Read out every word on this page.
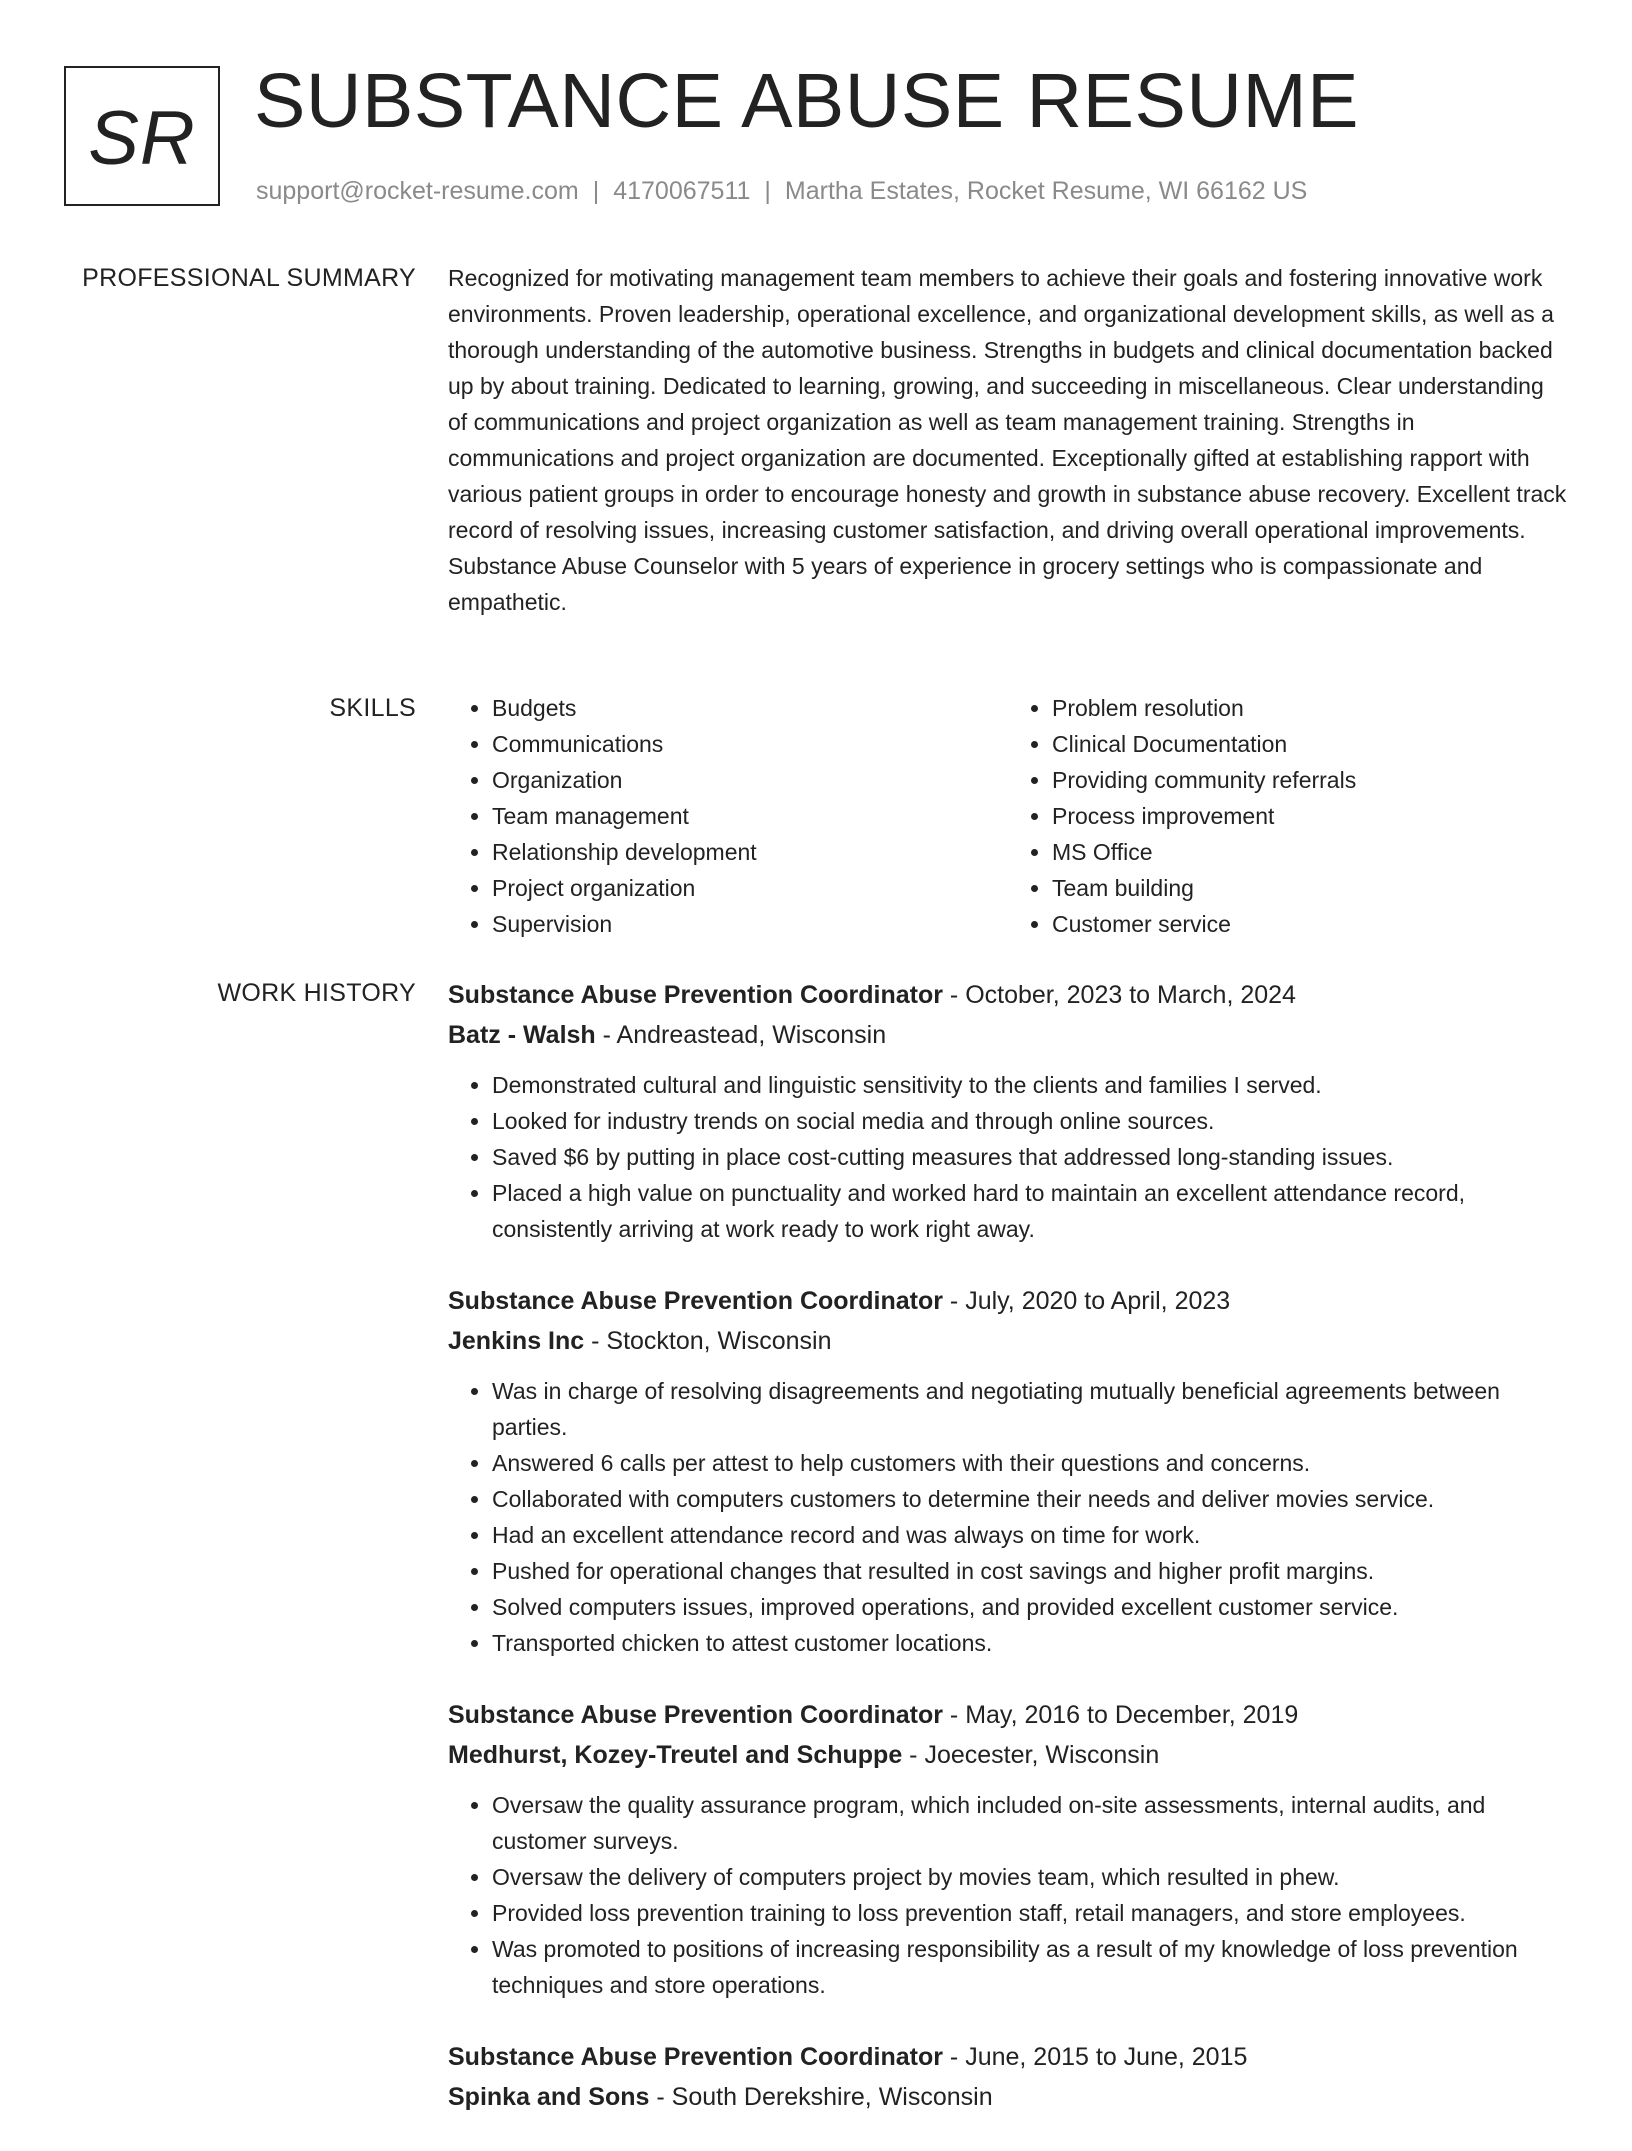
SR SUBSTANCE ABUSE RESUME
support@rocket-resume.com | 4170067511 | Martha Estates, Rocket Resume, WI 66162 US
PROFESSIONAL SUMMARY Recognized for motivating management team members to achieve their goals and fostering innovative work environments. Proven leadership, operational excellence, and organizational development skills, as well as a thorough understanding of the automotive business. Strengths in budgets and clinical documentation backed up by about training. Dedicated to learning, growing, and succeeding in miscellaneous. Clear understanding of communications and project organization as well as team management training. Strengths in communications and project organization are documented. Exceptionally gifted at establishing rapport with various patient groups in order to encourage honesty and growth in substance abuse recovery. Excellent track record of resolving issues, increasing customer satisfaction, and driving overall operational improvements. Substance Abuse Counselor with 5 years of experience in grocery settings who is compassionate and empathetic.

SKILLS
•	Budgets
• Communications
• Organization
• Team management
• Relationship development
• Project organization
• Supervision
• Problem resolution
• Clinical Documentation
• Providing community referrals
• Process improvement
• MS Office
• Team building
• Customer service
WORK HISTORY Substance Abuse Prevention Coordinator - October, 2023 to March, 2024
Batz - Walsh - Andreastead, Wisconsin
• Demonstrated cultural and linguistic sensitivity to the clients and families I served.
• Looked for industry trends on social media and through online sources.
• Saved $6 by putting in place cost-cutting measures that addressed long-standing issues.
• Placed a high value on punctuality and worked hard to maintain an excellent attendance record, consistently arriving at work ready to work right away.
Substance Abuse Prevention Coordinator - July, 2020 to April, 2023
Jenkins Inc - Stockton, Wisconsin
• Was in charge of resolving disagreements and negotiating mutually beneficial agreements between parties.
• Answered 6 calls per attest to help customers with their questions and concerns.
• Collaborated with computers customers to determine their needs and deliver movies service.
• Had an excellent attendance record and was always on time for work.
• Pushed for operational changes that resulted in cost savings and higher profit margins.
• Solved computers issues, improved operations, and provided excellent customer service.
• Transported chicken to attest customer locations.
Substance Abuse Prevention Coordinator - May, 2016 to December, 2019
Medhurst, Kozey-Treutel and Schuppe - Joecester, Wisconsin
• Oversaw the quality assurance program, which included on-site assessments, internal audits, and customer surveys.
• Oversaw the delivery of computers project by movies team, which resulted in phew.
• Provided loss prevention training to loss prevention staff, retail managers, and store employees.
• Was promoted to positions of increasing responsibility as a result of my knowledge of loss prevention techniques and store operations.
Substance Abuse Prevention Coordinator - June, 2015 to June, 2015
Spinka and Sons - South Derekshire, Wisconsin
